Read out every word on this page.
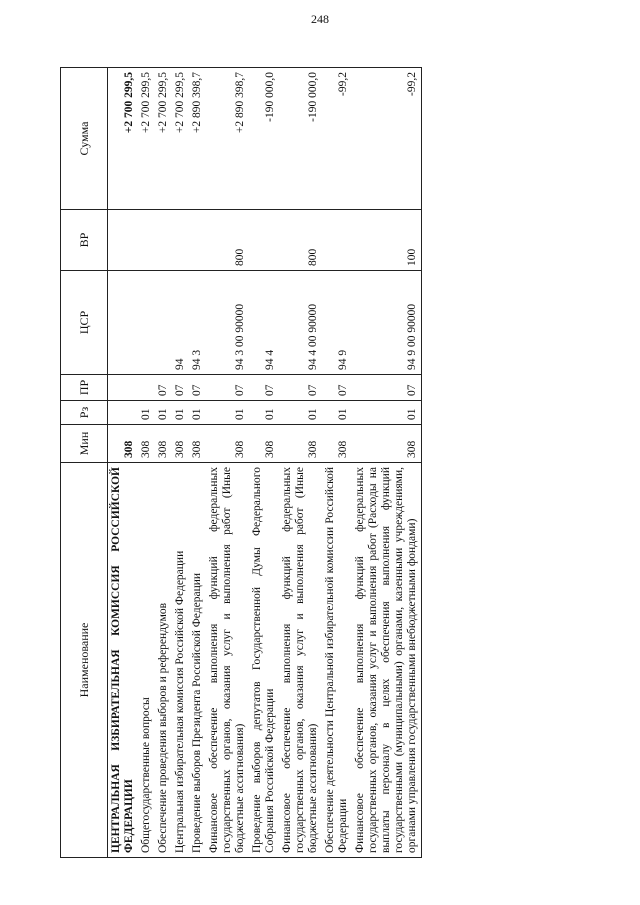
248
Наименование	Мин	Рз	ПР	ЦСР	ВР	Сумма
ЦЕНТРАЛЬНАЯ ИЗБИРАТЕЛЬНАЯ КОМИССИЯ РОССИЙСКОЙ ФЕДЕРАЦИИ	308					+2 700 299,5
Общегосударственные вопросы	308	01				+2 700 299,5
Обеспечение проведения выборов и референдумов	308	01	07			+2 700 299,5
Центральная избирательная комиссия Российской Федерации	308	01	07	94		+2 700 299,5
Проведение выборов Президента Российской Федерации	308	01	07	94 3		+2 890 398,7
Финансовое обеспечение выполнения функций федеральных государственных органов, оказания услуг и выполнения работ (Иные бюджетные ассигнования)	308	01	07	94 3 00 90000	800	+2 890 398,7
Проведение выборов депутатов Государственной Думы Федерального Собрания Российской Федерации	308	01	07	94 4		-190 000,0
Финансовое обеспечение выполнения функций федеральных государственных органов, оказания услуг и выполнения работ (Иные бюджетные ассигнования)	308	01	07	94 4 00 90000	800	-190 000,0
Обеспечение деятельности Центральной избирательной комиссии Российской Федерации	308	01	07	94 9		-99,2
Финансовое обеспечение выполнения функций федеральных государственных органов, оказания услуг и выполнения работ (Расходы на выплаты персоналу в целях обеспечения выполнения функций государственными (муниципальными) органами, казенными учреждениями, органами управления государственными внебюджетными фондами)	308	01	07	94 9 00 90000	100	-99,2
